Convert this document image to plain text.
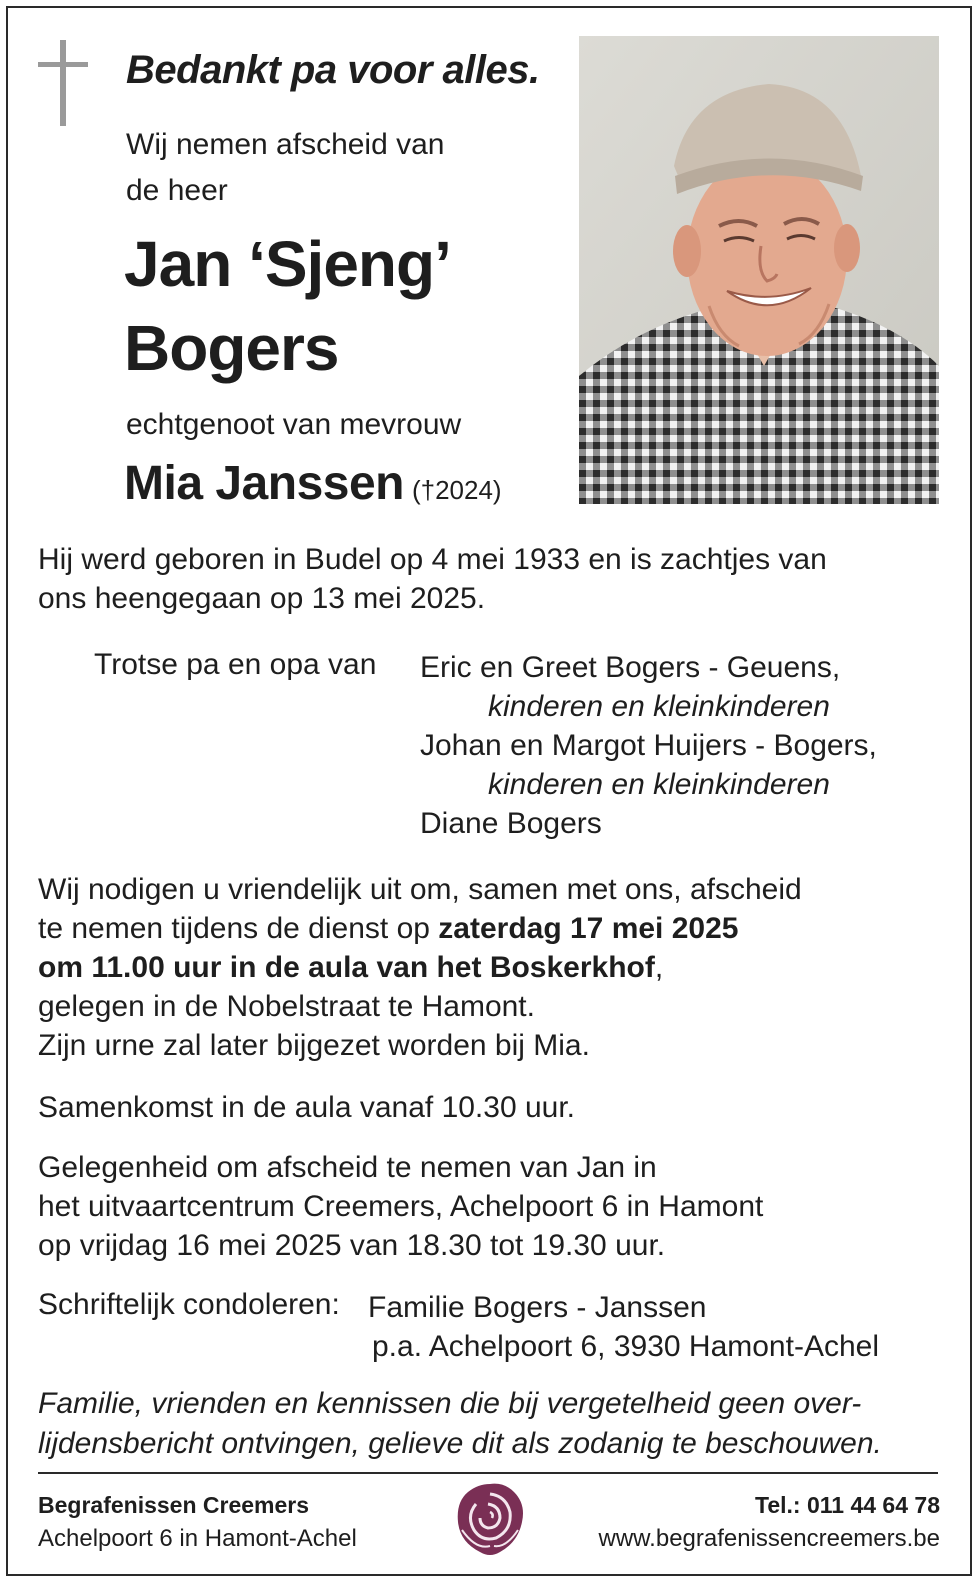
Bedankt pa voor alles.
Wij nemen afscheid van
de heer
Jan ‘Sjeng’
Bogers
echtgenoot van mevrouw
Mia Janssen (†2024)
Hij werd geboren in Budel op 4 mei 1933 en is zachtjes van
ons heengegaan op 13 mei 2025.
Trotse pa en opa van Eric en Greet Bogers - Geuens,
kinderen en kleinkinderen
Johan en Margot Huijers - Bogers,
kinderen en kleinkinderen
Diane Bogers
Wij nodigen u vriendelijk uit om, samen met ons, afscheid
te nemen tijdens de dienst op zaterdag 17 mei 2025
om 11.00 uur in de aula van het Boskerkhof,
gelegen in de Nobelstraat te Hamont.
Zijn urne zal later bijgezet worden bij Mia.
Samenkomst in de aula vanaf 10.30 uur.
Gelegenheid om afscheid te nemen van Jan in
het uitvaartcentrum Creemers, Achelpoort 6 in Hamont
op vrijdag 16 mei 2025 van 18.30 tot 19.30 uur.
Schriftelijk condoleren: Familie Bogers - Janssen
p.a. Achelpoort 6, 3930 Hamont-Achel
Familie, vrienden en kennissen die bij vergetelheid geen over-
lijdensbericht ontvingen, gelieve dit als zodanig te beschouwen.
Begrafenissen Creemers
Achelpoort 6 in Hamont-Achel
Tel.: 011 44 64 78
www.begrafenissencreemers.be
